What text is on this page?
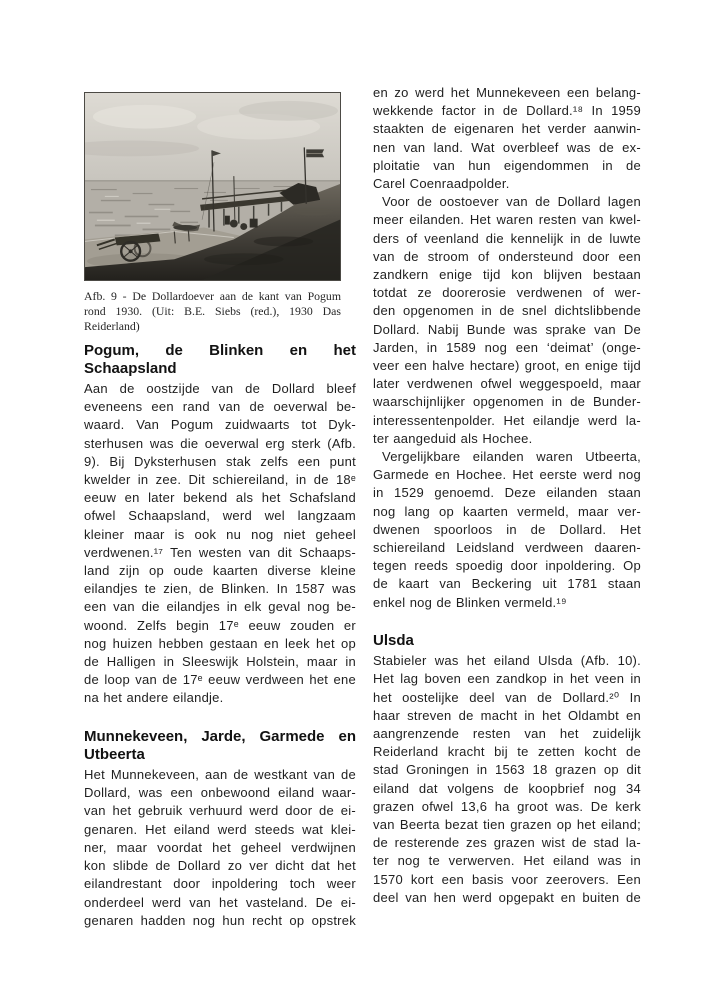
Afb. 9 - De Dollardoever aan de kant van Pogum
rond 1930. (Uit: B.E. Siebs (red.), 1930 Das
Reiderland)
Pogum, de Blinken en het Schaapsland
Aan de oostzijde van de Dollard bleef
eveneens een rand van de oeverwal be-
waard. Van Pogum zuidwaarts tot Dyk-
sterhusen was die oeverwal erg sterk (Afb.
9). Bij Dyksterhusen stak zelfs een punt
kwelder in zee. Dit schiereiland, in de 18ᵉ
eeuw en later bekend als het Schafsland
ofwel Schaapsland, werd wel langzaam
kleiner maar is ook nu nog niet geheel
verdwenen.¹⁷ Ten westen van dit Schaaps-
land zijn op oude kaarten diverse kleine
eilandjes te zien, de Blinken. In 1587 was
een van die eilandjes in elk geval nog be-
woond. Zelfs begin 17ᵉ eeuw zouden er
nog huizen hebben gestaan en leek het op
de Halligen in Sleeswijk Holstein, maar in
de loop van de 17ᵉ eeuw verdween het ene
na het andere eilandje.
Munnekeveen, Jarde, Garmede en
Utbeerta
Het Munnekeveen, aan de westkant van de
Dollard, was een onbewoond eiland waar-
van het gebruik verhuurd werd door de ei-
genaren. Het eiland werd steeds wat klei-
ner, maar voordat het geheel verdwijnen
kon slibde de Dollard zo ver dicht dat het
eilandrestant door inpoldering toch weer
onderdeel werd van het vasteland. De ei-
genaren hadden nog hun recht op opstrek
en zo werd het Munnekeveen een belang-
wekkende factor in de Dollard.¹⁸ In 1959
staakten de eigenaren het verder aanwin-
nen van land. Wat overbleef was de ex-
ploitatie van hun eigendommen in de
Carel Coenraadpolder.
Voor de oostoever van de Dollard lagen
meer eilanden. Het waren resten van kwel-
ders of veenland die kennelijk in de luwte
van de stroom of ondersteund door een
zandkern enige tijd kon blijven bestaan
totdat ze doorerosie verdwenen of wer-
den opgenomen in de snel dichtslibbende
Dollard. Nabij Bunde was sprake van De
Jarden, in 1589 nog een ‘deimat’ (onge-
veer een halve hectare) groot, en enige tijd
later verdwenen ofwel weggespoeld, maar
waarschijnlijker opgenomen in de Bunder-
interessentenpolder. Het eilandje werd la-
ter aangeduid als Hochee.
Vergelijkbare eilanden waren Utbeerta,
Garmede en Hochee. Het eerste werd nog
in 1529 genoemd. Deze eilanden staan
nog lang op kaarten vermeld, maar ver-
dwenen spoorloos in de Dollard. Het
schiereiland Leidsland verdween daaren-
tegen reeds spoedig door inpoldering. Op
de kaart van Beckering uit 1781 staan
enkel nog de Blinken vermeld.¹⁹
Ulsda
Stabieler was het eiland Ulsda (Afb. 10).
Het lag boven een zandkop in het veen in
het oostelijke deel van de Dollard.²⁰ In
haar streven de macht in het Oldambt en
aangrenzende resten van het zuidelijk
Reiderland kracht bij te zetten kocht de
stad Groningen in 1563 18 grazen op dit
eiland dat volgens de koopbrief nog 34
grazen ofwel 13,6 ha groot was. De kerk
van Beerta bezat tien grazen op het eiland;
de resterende zes grazen wist de stad la-
ter nog te verwerven. Het eiland was in
1570 kort een basis voor zeerovers. Een
deel van hen werd opgepakt en buiten de
